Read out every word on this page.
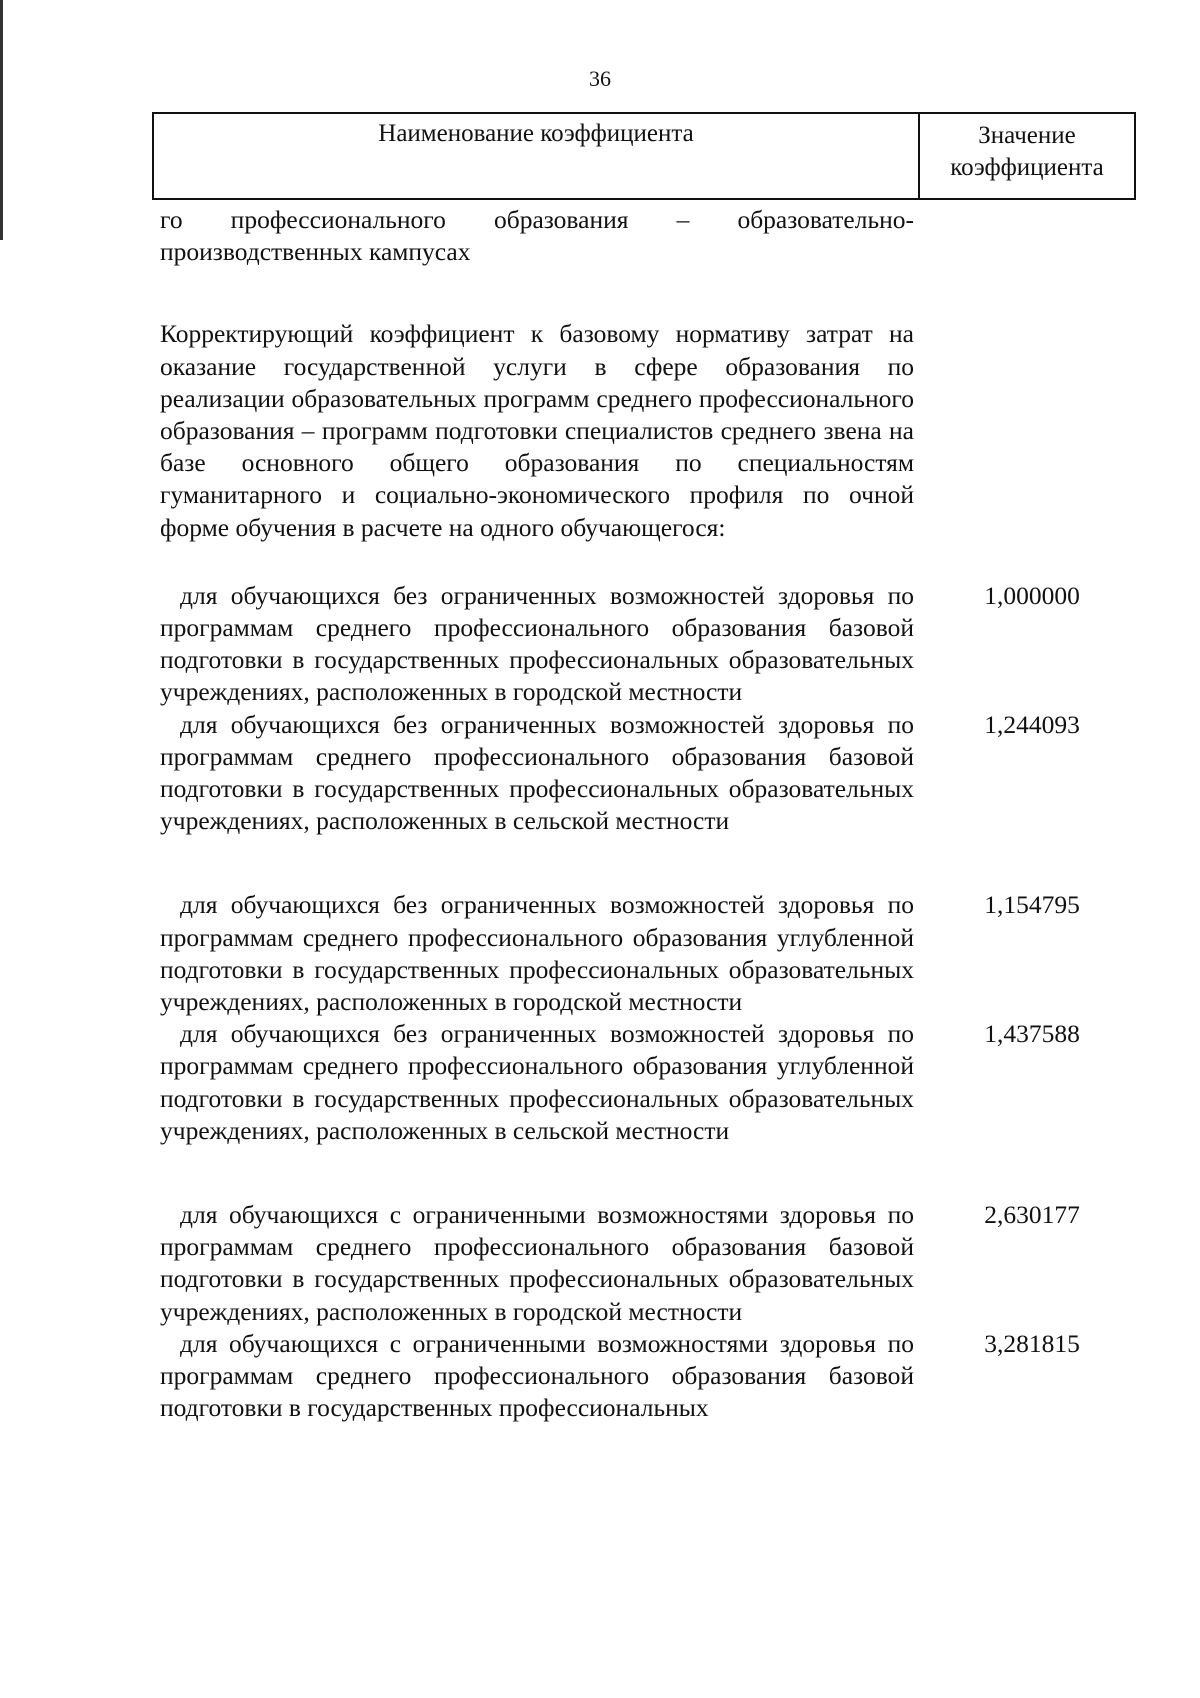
36
Наименование коэффициента	Значение коэффициента
го профессионального образования – образовательно-производственных кампусах
Корректирующий коэффициент к базовому нормативу затрат на оказание государственной услуги в сфере образования по реализации образовательных программ среднего профессионального образования – программ подготовки специалистов среднего звена на базе основного общего образования по специальностям гуманитарного и социально-экономического профиля по очной форме обучения в расчете на одного обучающегося:
для обучающихся без ограниченных возможностей здоровья по программам среднего профессионального образования базовой подготовки в государственных профессиональных образовательных учреждениях, расположенных в городской местности
1,000000
для обучающихся без ограниченных возможностей здоровья по программам среднего профессионального образования базовой подготовки в государственных профессиональных образовательных учреждениях, расположенных в сельской местности
1,244093
для обучающихся без ограниченных возможностей здоровья по программам среднего профессионального образования углубленной подготовки в государственных профессиональных образовательных учреждениях, расположенных в городской местности
1,154795
для обучающихся без ограниченных возможностей здоровья по программам среднего профессионального образования углубленной подготовки в государственных профессиональных образовательных учреждениях, расположенных в сельской местности
1,437588
для обучающихся с ограниченными возможностями здоровья по программам среднего профессионального образования базовой подготовки в государственных профессиональных образовательных учреждениях, расположенных в городской местности
2,630177
для обучающихся с ограниченными возможностями здоровья по программам среднего профессионального образования базовой подготовки в государственных профессиональных
3,281815
